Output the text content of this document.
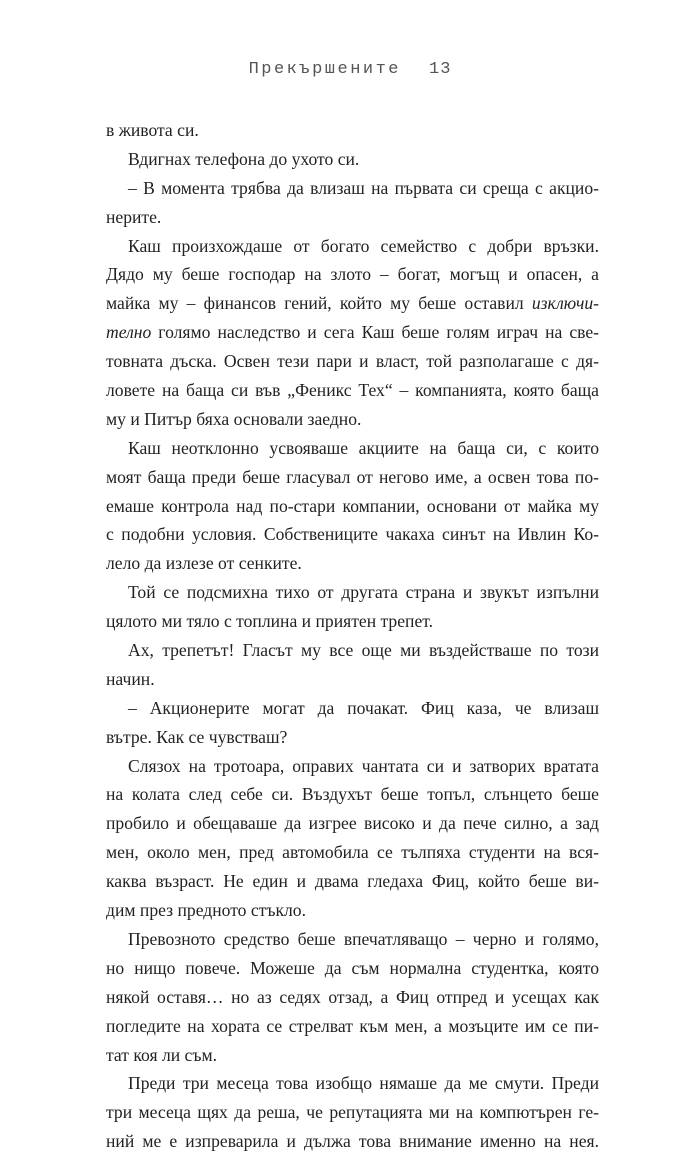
Прекършените 13
в живота си.
Вдигнах телефона до ухото си.
– В момента трябва да влизаш на първата си среща с акцио-
нерите.
Каш произхождаше от богато семейство с добри връзки.
Дядо му беше господар на злото – богат, могъщ и опасен, а
майка му – финансов гений, който му беше оставил изключи-
телно голямо наследство и сега Каш беше голям играч на све-
товната дъска. Освен тези пари и власт, той разполагаше с дя-
ловете на баща си във „Феникс Тех“ – компанията, която баща
му и Питър бяха основали заедно.
Каш неотклонно усвояваше акциите на баща си, с които
моят баща преди беше гласувал от негово име, а освен това по-
емаше контрола над по-стари компании, основани от майка му
с подобни условия. Собствениците чакаха синът на Ивлин Ко-
лело да излезе от сенките.
Той се подсмихна тихо от другата страна и звукът изпълни
цялото ми тяло с топлина и приятен трепет.
Ах, трепетът! Гласът му все още ми въздействаше по този
начин.
– Акционерите могат да почакат. Фиц каза, че влизаш
вътре. Как се чувстваш?
Слязох на тротоара, оправих чантата си и затворих вратата
на колата след себе си. Въздухът беше топъл, слънцето беше
пробило и обещаваше да изгрее високо и да пече силно, а зад
мен, около мен, пред автомобила се тълпяха студенти на вся-
каква възраст. Не един и двама гледаха Фиц, който беше ви-
дим през предното стъкло.
Превозното средство беше впечатляващо – черно и голямо,
но нищо повече. Можеше да съм нормална студентка, която
някой оставя… но аз седях отзад, а Фиц отпред и усещах как
погледите на хората се стрелват към мен, а мозъците им се пи-
тат коя ли съм.
Преди три месеца това изобщо нямаше да ме смути. Преди
три месеца щях да реша, че репутацията ми на компютърен ге-
ний ме е изпреварила и дължа това внимание именно на нея.
